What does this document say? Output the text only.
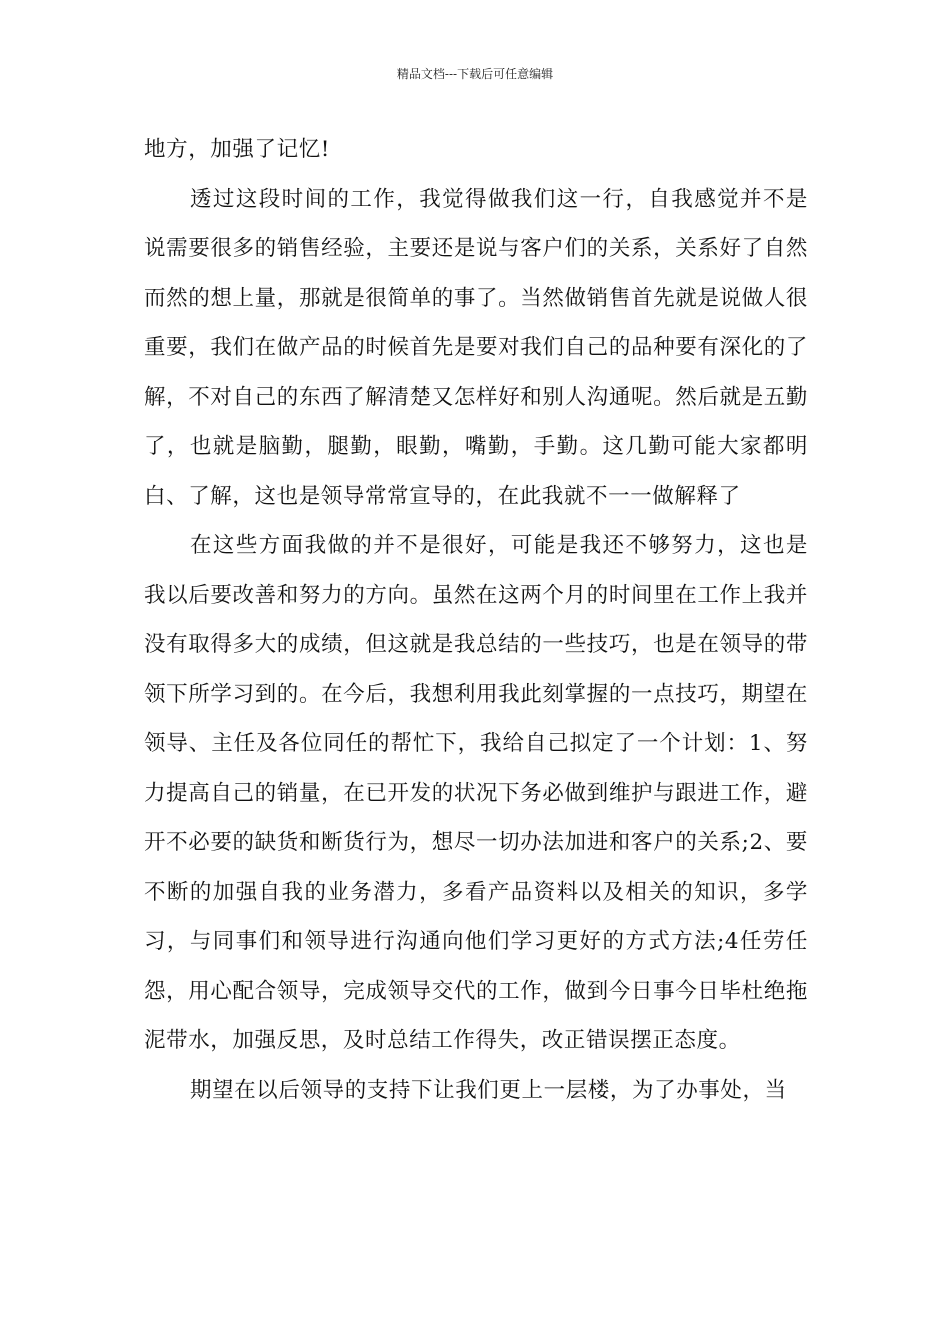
精品文档---下载后可任意编辑

地方，加强了记忆!

透过这段时间的工作，我觉得做我们这一行，自我感觉并不是说需要很多的销售经验，主要还是说与客户们的关系，关系好了自然而然的想上量，那就是很简单的事了。当然做销售首先就是说做人很重要，我们在做产品的时候首先是要对我们自己的品种要有深化的了解，不对自己的东西了解清楚又怎样好和别人沟通呢。然后就是五勤了，也就是脑勤，腿勤，眼勤，嘴勤，手勤。这几勤可能大家都明白、了解，这也是领导常常宣导的，在此我就不一一做解释了

在这些方面我做的并不是很好，可能是我还不够努力，这也是我以后要改善和努力的方向。虽然在这两个月的时间里在工作上我并没有取得多大的成绩，但这就是我总结的一些技巧，也是在领导的带领下所学习到的。在今后，我想利用我此刻掌握的一点技巧，期望在领导、主任及各位同任的帮忙下，我给自己拟定了一个计划：1、努力提高自己的销量，在已开发的状况下务必做到维护与跟进工作，避开不必要的缺货和断货行为，想尽一切办法加进和客户的关系;2、要不断的加强自我的业务潜力，多看产品资料以及相关的知识，多学习，与同事们和领导进行沟通向他们学习更好的方式方法;4任劳任怨，用心配合领导，完成领导交代的工作，做到今日事今日毕杜绝拖泥带水，加强反思，及时总结工作得失，改正错误摆正态度。

期望在以后领导的支持下让我们更上一层楼，为了办事处，当
